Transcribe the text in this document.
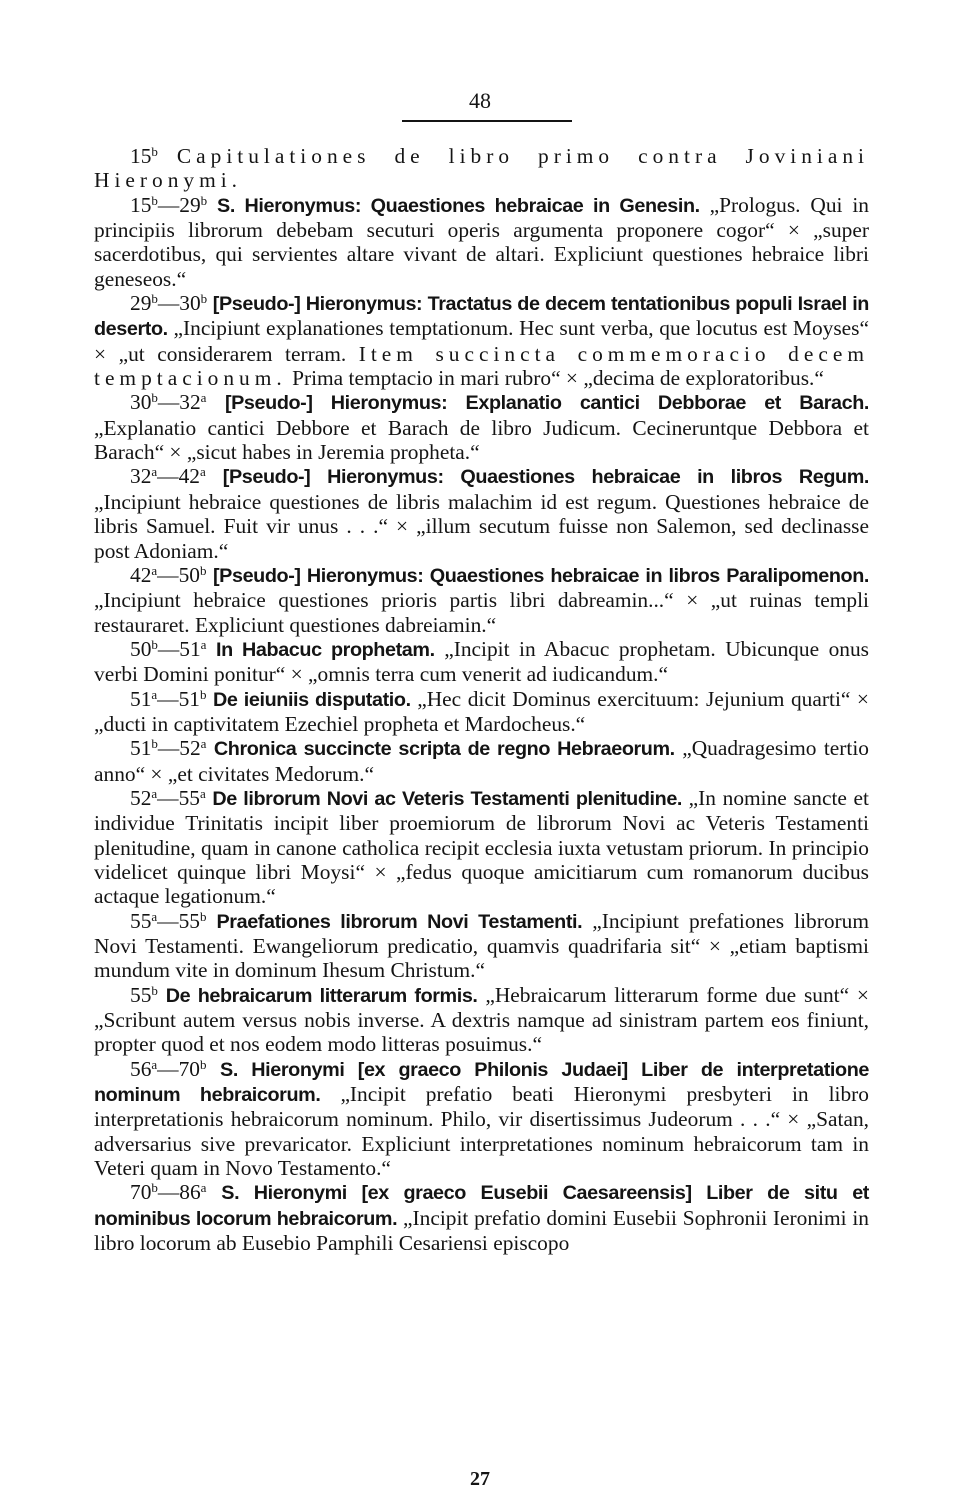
48

15$^b$ Capitulationes de libro primo contra Joviniani Hieronymi.

15$^b$—29$^b$ S. Hieronymus: Quaestiones hebraicae in Genesin. „Prologus. Qui in principiis librorum debebam secuturi operis argumenta proponere cogor“ × „super sacerdotibus, qui servientes altare vivant de altari. Expliciunt questiones hebraice libri geneseos.“

29$^b$—30$^b$ [Pseudo-] Hieronymus: Tractatus de decem tentationibus populi Israel in deserto. „Incipiunt explanationes temptationum. Hec sunt verba, que locutus est Moyses“ × „ut considerarem terram. Item succincta commemoracio decem temptacionum. Prima temptacio in mari rubro“ × „decima de exploratoribus.“

30$^b$—32$^a$ [Pseudo-] Hieronymus: Explanatio cantici Debborae et Barach. „Explanatio cantici Debbore et Barach de libro Judicum. Cecineruntque Debbora et Barach“ × „sicut habes in Jeremia propheta.“

32$^a$—42$^a$ [Pseudo-] Hieronymus: Quaestiones hebraicae in libros Regum. „Incipiunt hebraice questiones de libris malachim id est regum. Questiones hebraice de libris Samuel. Fuit vir unus . . .“ × „illum secutum fuisse non Salemon, sed declinasse post Adoniam.“

42$^a$—50$^b$ [Pseudo-] Hieronymus: Quaestiones hebraicae in libros Paralipomenon. „Incipiunt hebraice questiones prioris partis libri dabreamin...“ × „ut ruinas templi restauraret. Expliciunt questiones dabreiamin.“

50$^b$—51$^a$ In Habacuc prophetam. „Incipit in Abacuc prophetam. Ubicunque onus verbi Domini ponitur“ × „omnis terra cum venerit ad iudicandum.“

51$^a$—51$^b$ De ieiuniis disputatio. „Hec dicit Dominus exercituum: Jejunium quarti“ × „ducti in captivitatem Ezechiel propheta et Mardocheus.“

51$^b$—52$^a$ Chronica succincte scripta de regno Hebraeorum. „Quadragesimo tertio anno“ × „et civitates Medorum.“

52$^a$—55$^a$ De librorum Novi ac Veteris Testamenti plenitudine. „In nomine sancte et individue Trinitatis incipit liber proemiorum de librorum Novi ac Veteris Testamenti plenitudine, quam in canone catholica recipit ecclesia iuxta vetustam priorum. In principio videlicet quinque libri Moysi“ × „fedus quoque amicitiarum cum romanorum ducibus actaque legationum.“

55$^a$—55$^b$ Praefationes librorum Novi Testamenti. „Incipiunt prefationes librorum Novi Testamenti. Ewangeliorum predicatio, quamvis quadrifaria sit“ × „etiam baptismi mundum vite in dominum Ihesum Christum.“

55$^b$ De hebraicarum litterarum formis. „Hebraicarum litterarum forme due sunt“ × „Scribunt autem versus nobis inverse. A dextris namque ad sinistram partem eos finiunt, propter quod et nos eodem modo litteras posuimus.“

56$^a$—70$^b$ S. Hieronymi [ex graeco Philonis Judaei] Liber de interpretatione nominum hebraicorum. „Incipit prefatio beati Hieronymi presbyteri in libro interpretationis hebraicorum nominum. Philo, vir disertissimus Judeorum . . .“ × „Satan, adversarius sive prevaricator. Expliciunt interpretationes nominum hebraicorum tam in Veteri quam in Novo Testamento.“

70$^b$—86$^a$ S. Hieronymi [ex graeco Eusebii Caesareensis] Liber de situ et nominibus locorum hebraicorum. „Incipit prefatio domini Eusebii Sophronii Ieronimi in libro locorum ab Eusebio Pamphili Cesariensi episcopo

27
